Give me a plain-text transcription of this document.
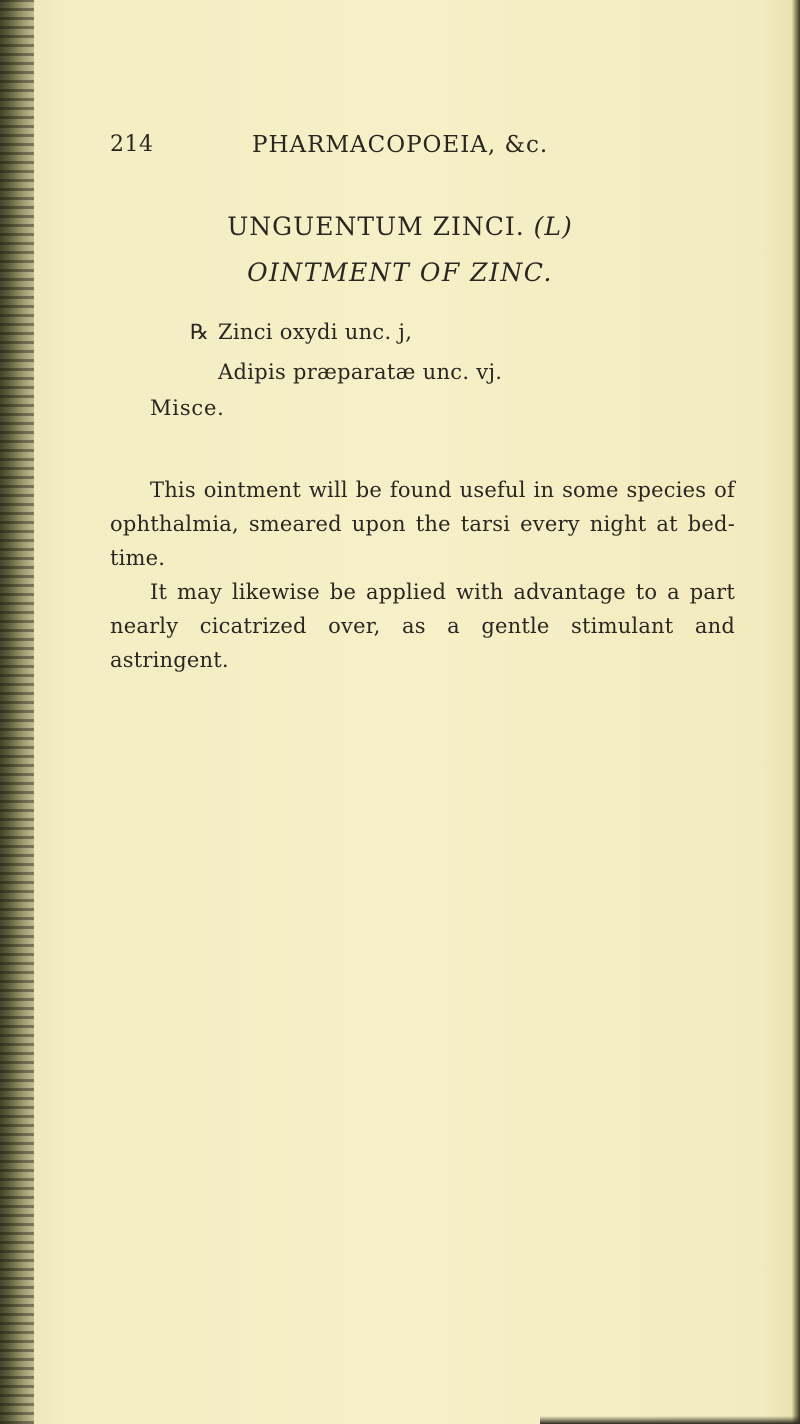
214	PHARMACOPOEIA, &c.
UNGUENTUM ZINCI. (L)
OINTMENT OF ZINC.
℞ Zinci oxydi unc. j,
Adipis præparatæ unc. vj.
Misce.

This ointment will be found useful in some species of ophthalmia, smeared upon the tarsi every night at bed-time.

It may likewise be applied with advantage to a part nearly cicatrized over, as a gentle stimulant and astringent.
